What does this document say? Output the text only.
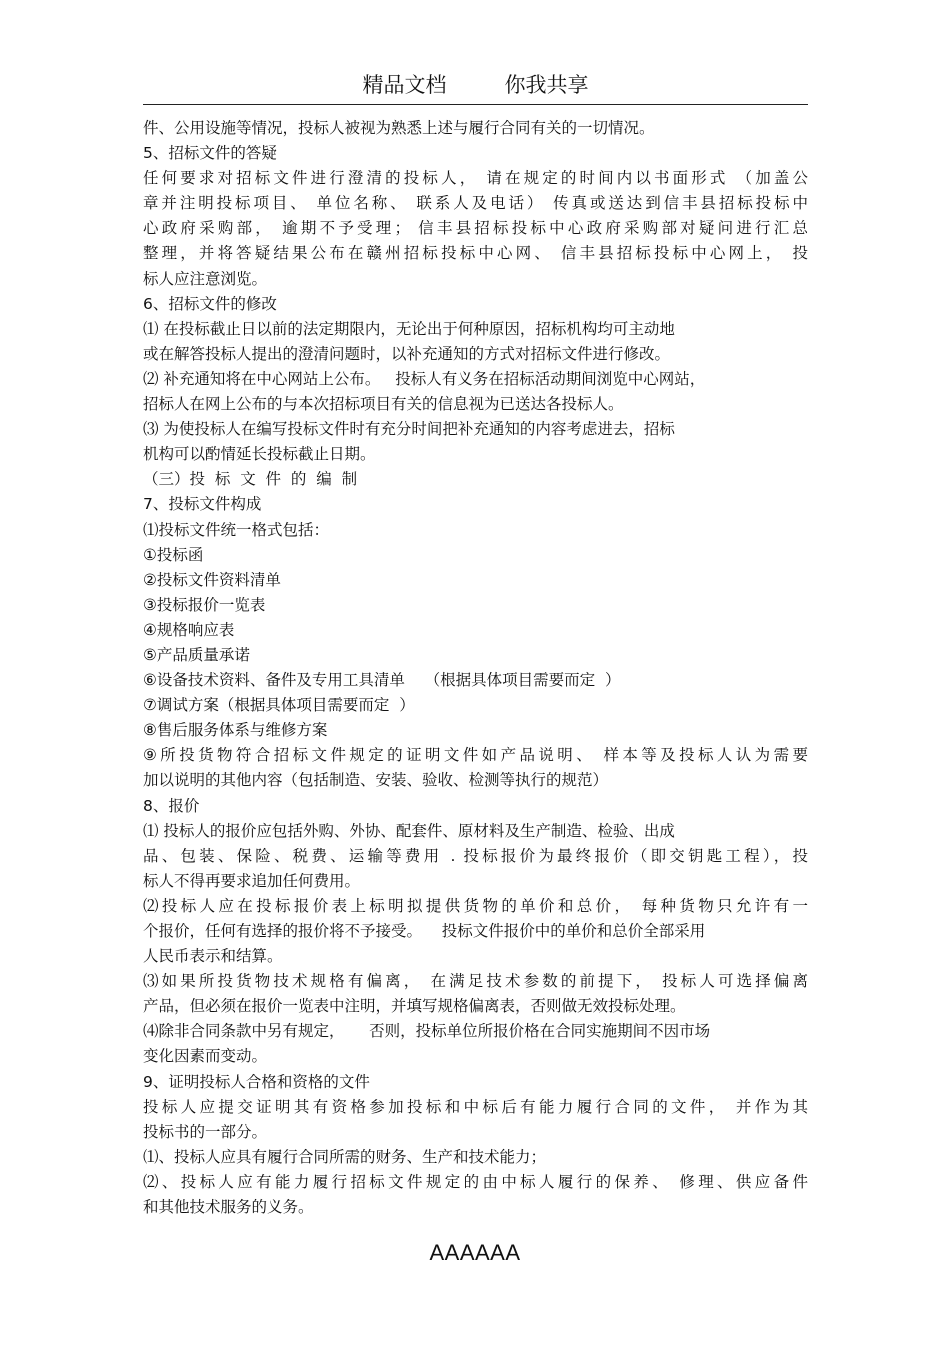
精品文档	你我共享
件、公用设施等情况，投标人被视为熟悉上述与履行合同有关的一切情况。
5、招标文件的答疑
任何要求对招标文件进行澄清的投标人， 请在规定的时间内以书面形式 （加盖公
章并注明投标项目、 单位名称、 联系人及电话） 传真或送达到信丰县招标投标中
心政府采购部， 逾期不予受理； 信丰县招标投标中心政府采购部对疑问进行汇总
整理，并将答疑结果公布在赣州招标投标中心网、 信丰县招标投标中心网上， 投
标人应注意浏览。
6、招标文件的修改
⑴ 在投标截止日以前的法定期限内，无论出于何种原因，招标机构均可主动地
或在解答投标人提出的澄清问题时，以补充通知的方式对招标文件进行修改。
⑵ 补充通知将在中心网站上公布。   投标人有义务在招标活动期间浏览中心网站，
招标人在网上公布的与本次招标项目有关的信息视为已送达各投标人。
⑶ 为使投标人在编写投标文件时有充分时间把补充通知的内容考虑进去，招标
机构可以酌情延长投标截止日期。
（三）投  标  文  件  的  编  制
7、投标文件构成
⑴投标文件统一格式包括：
①投标函
②投标文件资料清单
③投标报价一览表
④规格响应表
⑤产品质量承诺
⑥设备技术资料、备件及专用工具清单    （根据具体项目需要而定  ）
⑦调试方案（根据具体项目需要而定  ）
⑧售后服务体系与维修方案
⑨所投货物符合招标文件规定的证明文件如产品说明、 样本等及投标人认为需要
加以说明的其他内容（包括制造、安装、验收、检测等执行的规范）
8、报价
⑴ 投标人的报价应包括外购、外协、配套件、原材料及生产制造、检验、出成
品、包装、保险、税费、运输等费用 . 投标报价为最终报价（即交钥匙工程），投
标人不得再要求追加任何费用。
⑵投标人应在投标报价表上标明拟提供货物的单价和总价， 每种货物只允许有一
个报价，任何有选择的报价将不予接受。    投标文件报价中的单价和总价全部采用
人民币表示和结算。
⑶如果所投货物技术规格有偏离， 在满足技术参数的前提下， 投标人可选择偏离
产品，但必须在报价一览表中注明，并填写规格偏离表，否则做无效投标处理。
⑷除非合同条款中另有规定，     否则，投标单位所报价格在合同实施期间不因市场
变化因素而变动。
9、证明投标人合格和资格的文件
投标人应提交证明其有资格参加投标和中标后有能力履行合同的文件， 并作为其
投标书的一部分。
⑴、投标人应具有履行合同所需的财务、生产和技术能力；
⑵、投标人应有能力履行招标文件规定的由中标人履行的保养、 修理、供应备件
和其他技术服务的义务。
AAAAAA
